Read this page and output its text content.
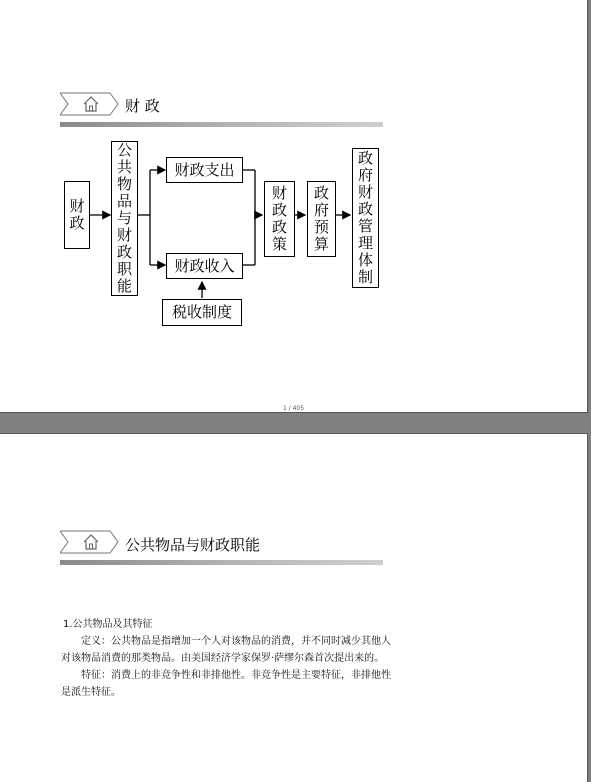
财 政
财
政
公
共
物
品
与
财
政
职
能
财政支出
财政收入
税收制度
财
政
政
策
政
府
预
算
政
府
财
政
管
理
体
制
1 / 405
公共物品与财政职能

1.公共物品及其特征

定义：公共物品是指增加一个人对该物品的消费，并不同时减少其他人对该物品消费的那类物品。由美国经济学家保罗·萨缪尔森首次提出来的。

特征：消费上的非竞争性和非排他性。非竞争性是主要特征，非排他性是派生特征。
